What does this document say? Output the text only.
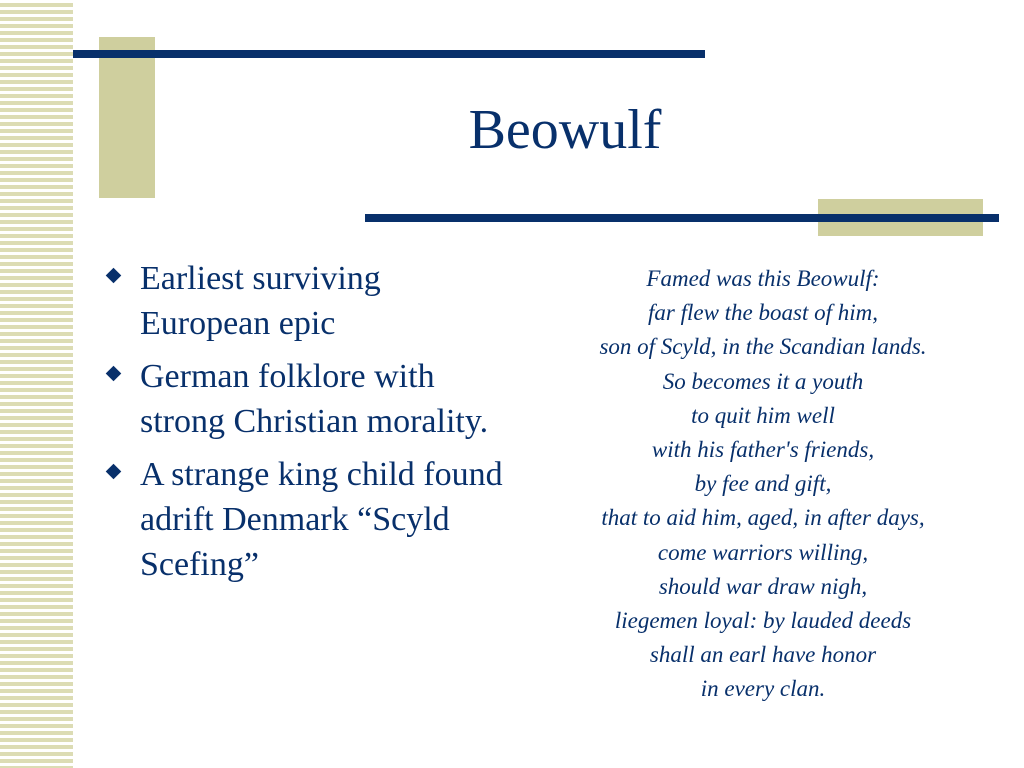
Beowulf
Earliest surviving European epic
German folklore with strong Christian morality.
A strange king child found adrift Denmark “Scyld Scefing”
Famed was this Beowulf:
far flew the boast of him,
son of Scyld, in the Scandian lands.
So becomes it a youth
to quit him well
with his father's friends,
by fee and gift,
that to aid him, aged, in after days,
come warriors willing,
should war draw nigh,
liegemen loyal: by lauded deeds
shall an earl have honor
in every clan.
